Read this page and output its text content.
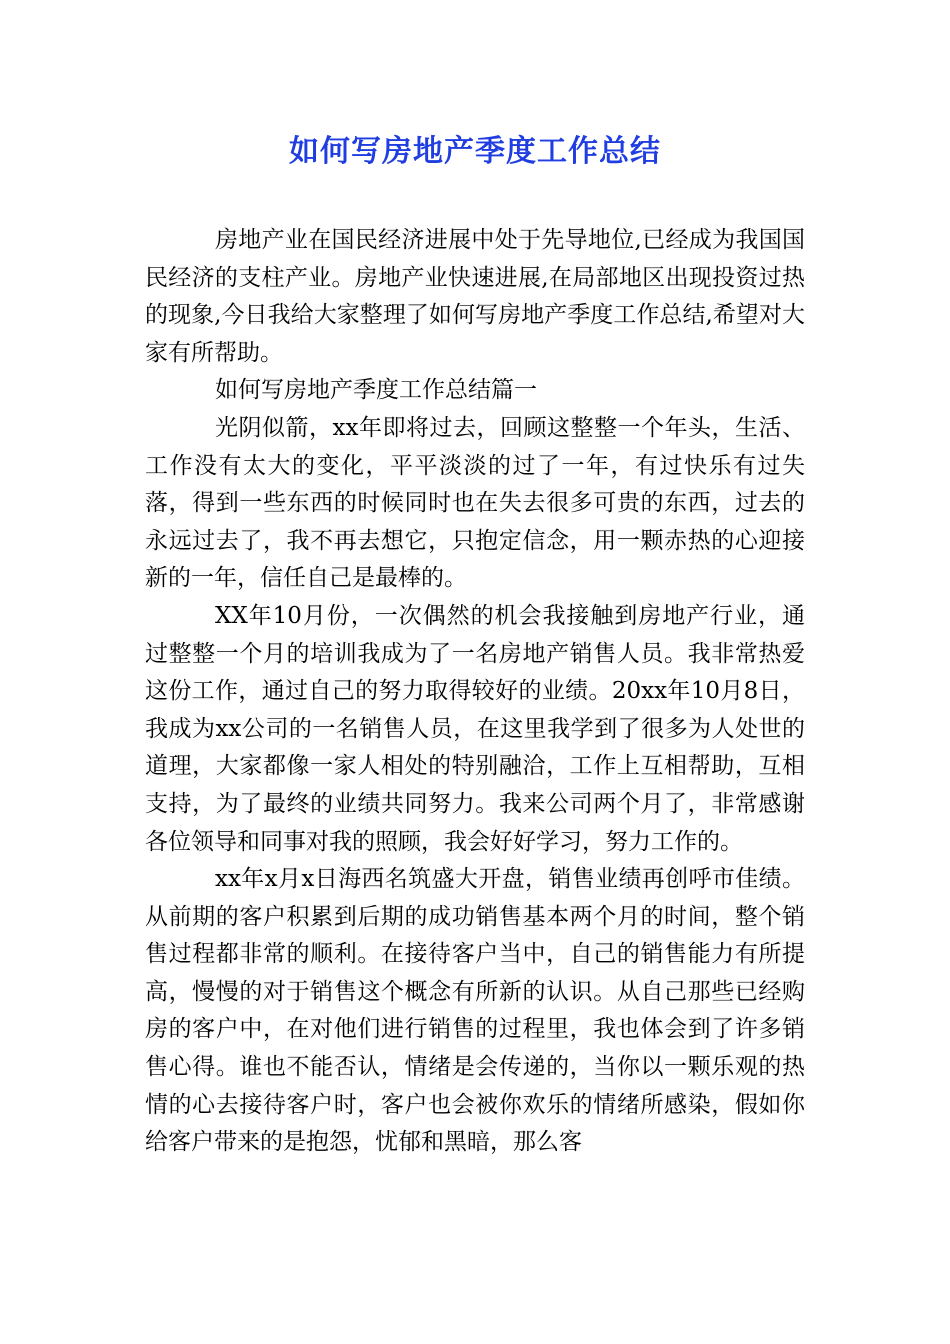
如何写房地产季度工作总结

房地产业在国民经济进展中处于先导地位,已经成为我国国民经济的支柱产业。房地产业快速进展,在局部地区出现投资过热的现象,今日我给大家整理了如何写房地产季度工作总结,希望对大家有所帮助。

如何写房地产季度工作总结篇一

光阴似箭，xx年即将过去，回顾这整整一个年头，生活、工作没有太大的变化，平平淡淡的过了一年，有过快乐有过失落，得到一些东西的时候同时也在失去很多可贵的东西，过去的永远过去了，我不再去想它，只抱定信念，用一颗赤热的心迎接新的一年，信任自己是最棒的。

XX年10月份，一次偶然的机会我接触到房地产行业，通过整整一个月的培训我成为了一名房地产销售人员。我非常热爱这份工作，通过自己的努力取得较好的业绩。20xx年10月8日，我成为xx公司的一名销售人员，在这里我学到了很多为人处世的道理，大家都像一家人相处的特别融洽，工作上互相帮助，互相支持，为了最终的业绩共同努力。我来公司两个月了，非常感谢各位领导和同事对我的照顾，我会好好学习，努力工作的。

xx年x月x日海西名筑盛大开盘，销售业绩再创呼市佳绩。从前期的客户积累到后期的成功销售基本两个月的时间，整个销售过程都非常的顺利。在接待客户当中，自己的销售能力有所提高，慢慢的对于销售这个概念有所新的认识。从自己那些已经购房的客户中，在对他们进行销售的过程里，我也体会到了许多销售心得。谁也不能否认，情绪是会传递的，当你以一颗乐观的热情的心去接待客户时，客户也会被你欢乐的情绪所感染，假如你给客户带来的是抱怨，忧郁和黑暗，那么客
